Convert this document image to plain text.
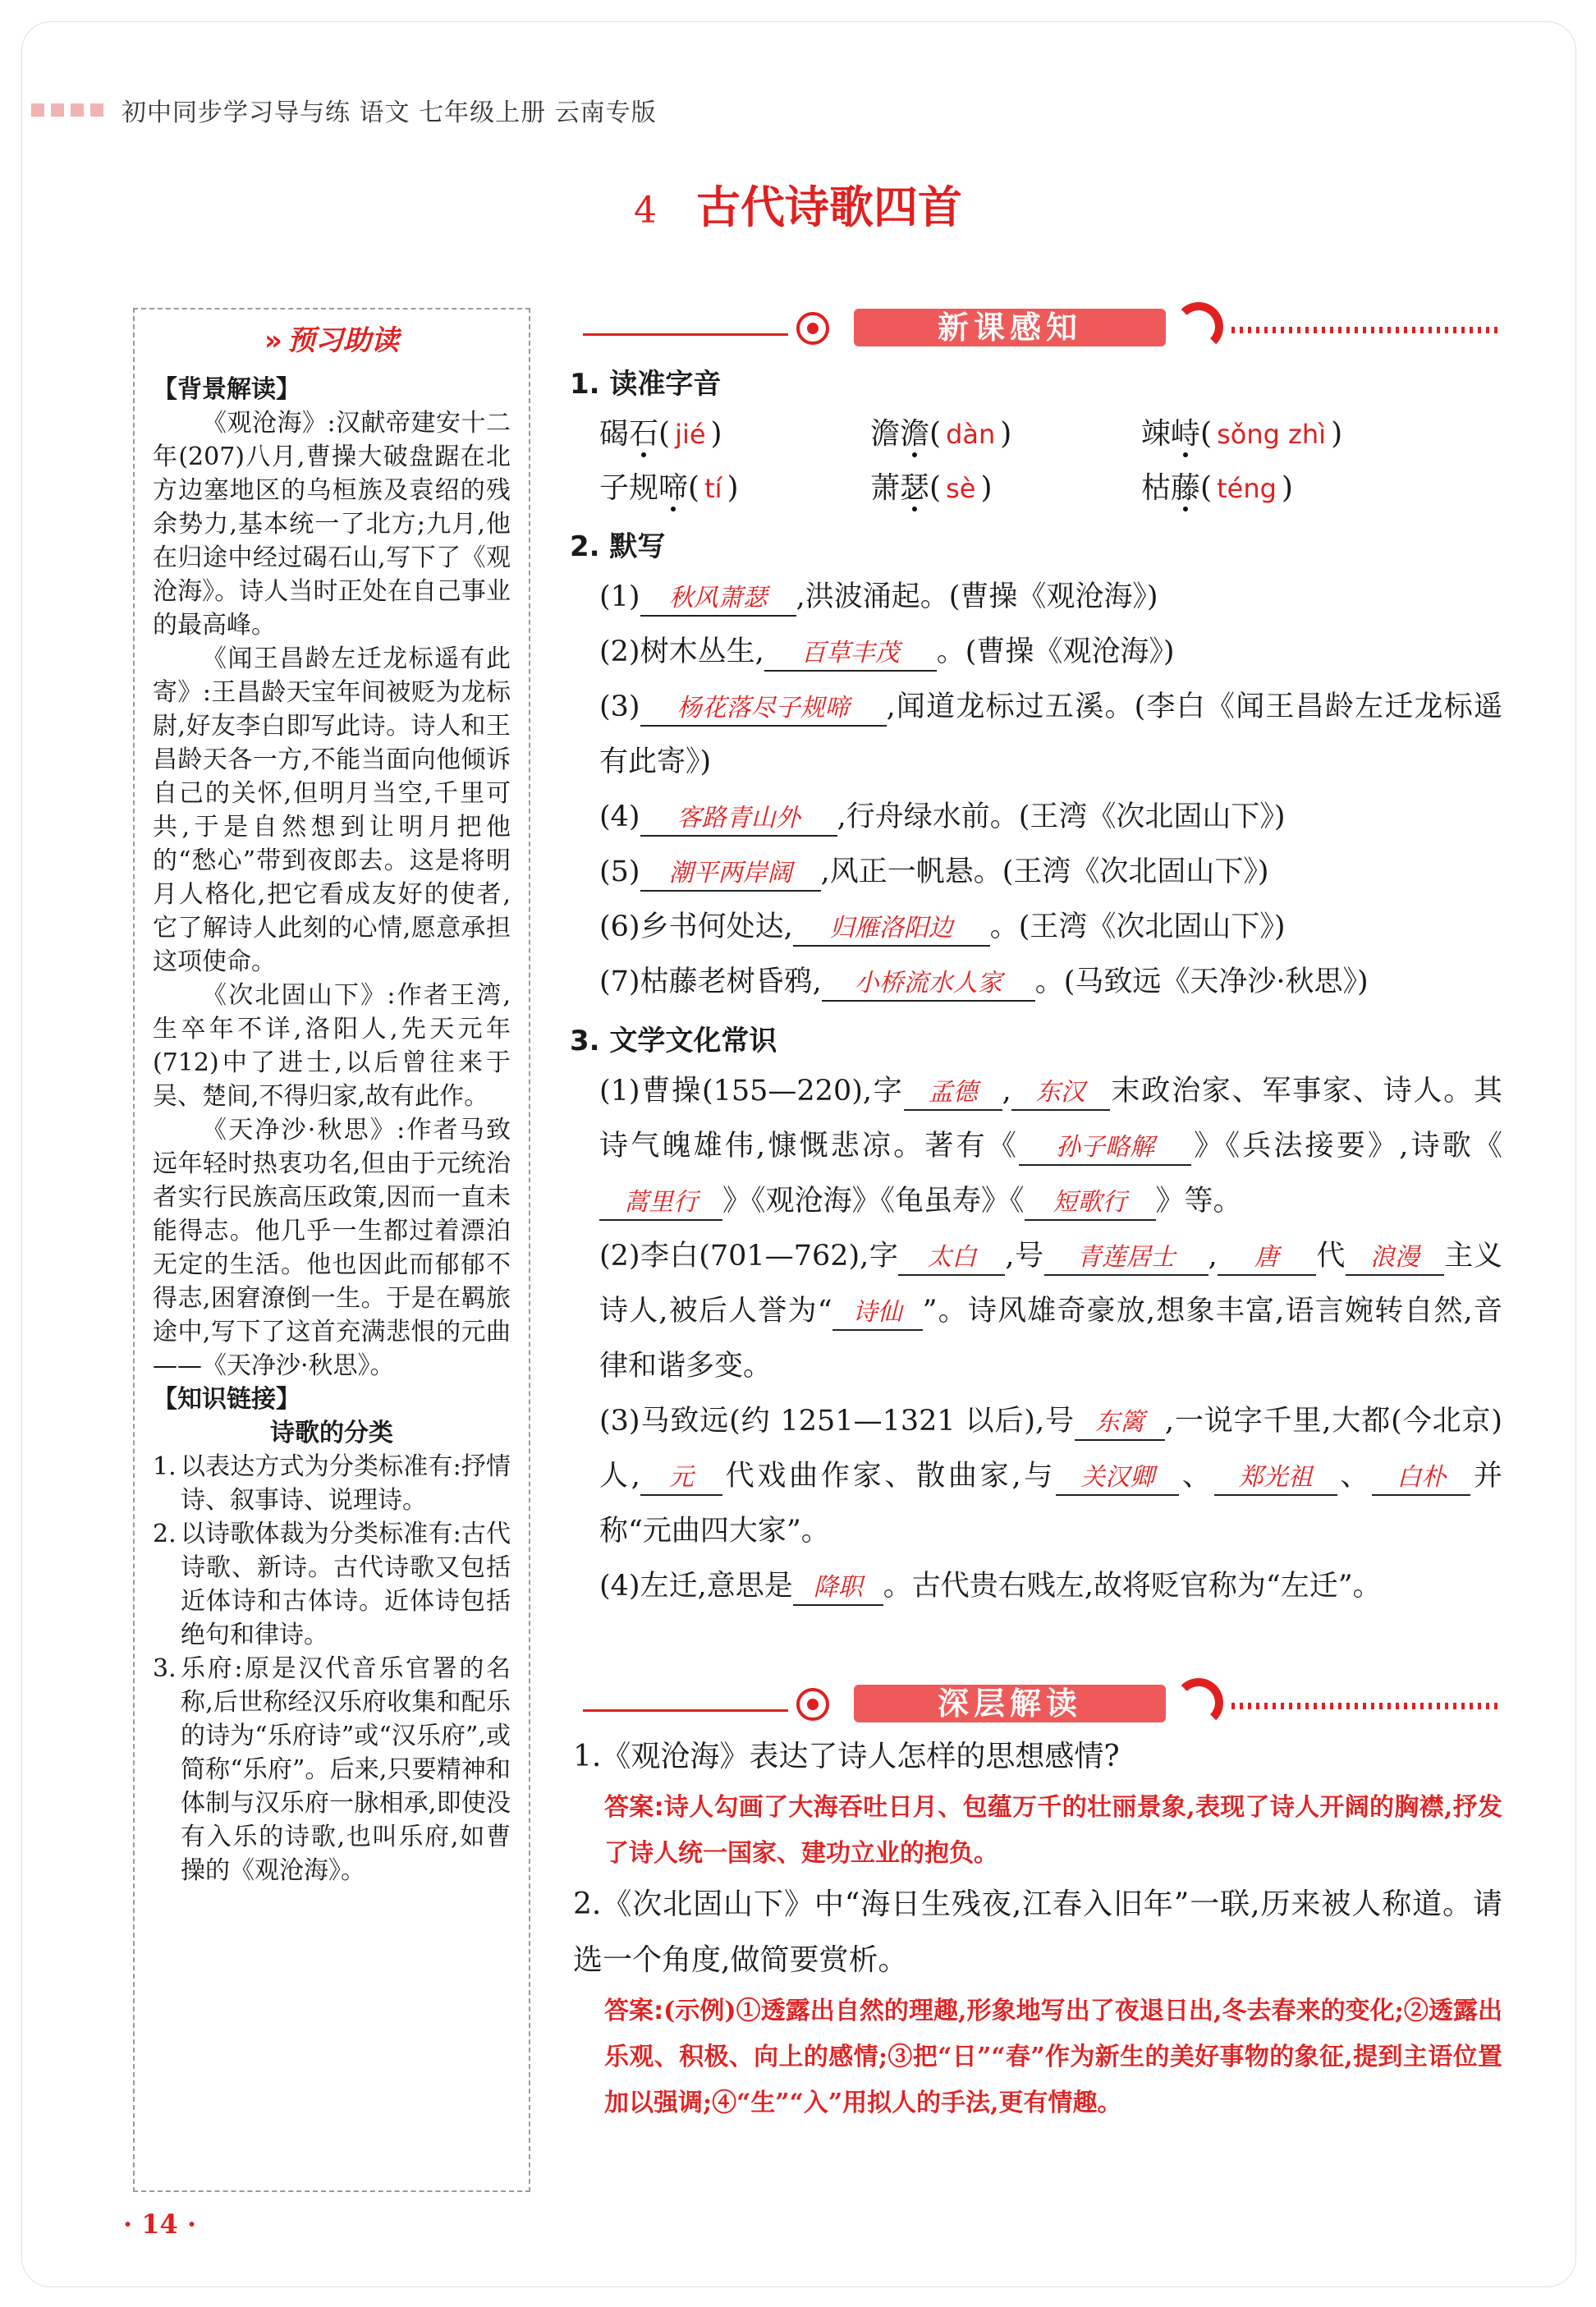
初中同步学习导与练 语文 七年级上册 云南专版
4 古代诗歌四首
» 预习助读
【背景解读】

《观沧海》:汉献帝建安十二年(207)八月,曹操大破盘踞在北方边塞地区的乌桓族及袁绍的残余势力,基本统一了北方;九月,他在归途中经过碣石山,写下了《观沧海》。诗人当时正处在自己事业的最高峰。

《闻王昌龄左迁龙标遥有此寄》:王昌龄天宝年间被贬为龙标尉,好友李白即写此诗。诗人和王昌龄天各一方,不能当面向他倾诉自己的关怀,但明月当空,千里可共,于是自然想到让明月把他的“愁心”带到夜郎去。这是将明月人格化,把它看成友好的使者,它了解诗人此刻的心情,愿意承担这项使命。

《次北固山下》:作者王湾,生卒年不详,洛阳人,先天元年(712)中了进士,以后曾往来于吴、楚间,不得归家,故有此作。

《天净沙·秋思》:作者马致远年轻时热衷功名,但由于元统治者实行民族高压政策,因而一直未能得志。他几乎一生都过着漂泊无定的生活。他也因此而郁郁不得志,困窘潦倒一生。于是在羁旅途中,写下了这首充满悲恨的元曲——《天净沙·秋思》。

【知识链接】
诗歌的分类
1. 以表达方式为分类标准有:抒情诗、叙事诗、说理诗。
2. 以诗歌体裁为分类标准有:古代诗歌、新诗。古代诗歌又包括近体诗和古体诗。近体诗包括绝句和律诗。
3. 乐府:原是汉代音乐官署的名称,后世称经汉乐府收集和配乐的诗为“乐府诗”或“汉乐府”,或简称“乐府”。后来,只要精神和体制与汉乐府一脉相承,即使没有入乐的诗歌,也叫乐府,如曹操的《观沧海》。
新课感知
1. 读准字音
碣石( jié )	澹澹( dàn )	竦峙( sǒng zhì )
子规啼( tí )	萧瑟( sè )	枯藤( téng )
2. 默写
(1) 秋风萧瑟 ,洪波涌起。(曹操《观沧海》)
(2)树木丛生, 百草丰茂 。(曹操《观沧海》)
(3) 杨花落尽子规啼 ,闻道龙标过五溪。(李白《闻王昌龄左迁龙标遥有此寄》)
(4) 客路青山外 ,行舟绿水前。(王湾《次北固山下》)
(5) 潮平两岸阔 ,风正一帆悬。(王湾《次北固山下》)
(6)乡书何处达, 归雁洛阳边 。(王湾《次北固山下》)
(7)枯藤老树昏鸦, 小桥流水人家 。(马致远《天净沙·秋思》)
3. 文学文化常识
(1)曹操(155—220),字 孟德 , 东汉 末政治家、军事家、诗人。其诗气魄雄伟,慷慨悲凉。著有《 孙子略解 》《兵法接要》,诗歌《蒿里行 》《观沧海》《龟虽寿》《 短歌行 》等。
(2)李白(701—762),字 太白 ,号 青莲居士 , 唐 代 浪漫 主义诗人,被后人誉为“ 诗仙 ”。诗风雄奇豪放,想象丰富,语言婉转自然,音律和谐多变。
(3)马致远(约 1251—1321 以后),号 东篱 ,一说字千里,大都(今北京)人, 元 代戏曲作家、散曲家,与 关汉卿 、 郑光祖 、 白朴 并称“元曲四大家”。
(4)左迁,意思是 降职 。古代贵右贱左,故将贬官称为“左迁”。
深层解读
1.《观沧海》表达了诗人怎样的思想感情?
答案:诗人勾画了大海吞吐日月、包蕴万千的壮丽景象,表现了诗人开阔的胸襟,抒发了诗人统一国家、建功立业的抱负。
2.《次北固山下》中“海日生残夜,江春入旧年”一联,历来被人称道。请选一个角度,做简要赏析。
答案:(示例)①透露出自然的理趣,形象地写出了夜退日出,冬去春来的变化;②透露出乐观、积极、向上的感情;③把“日”“春”作为新生的美好事物的象征,提到主语位置加以强调;④“生”“入”用拟人的手法,更有情趣。
· 14 ·
